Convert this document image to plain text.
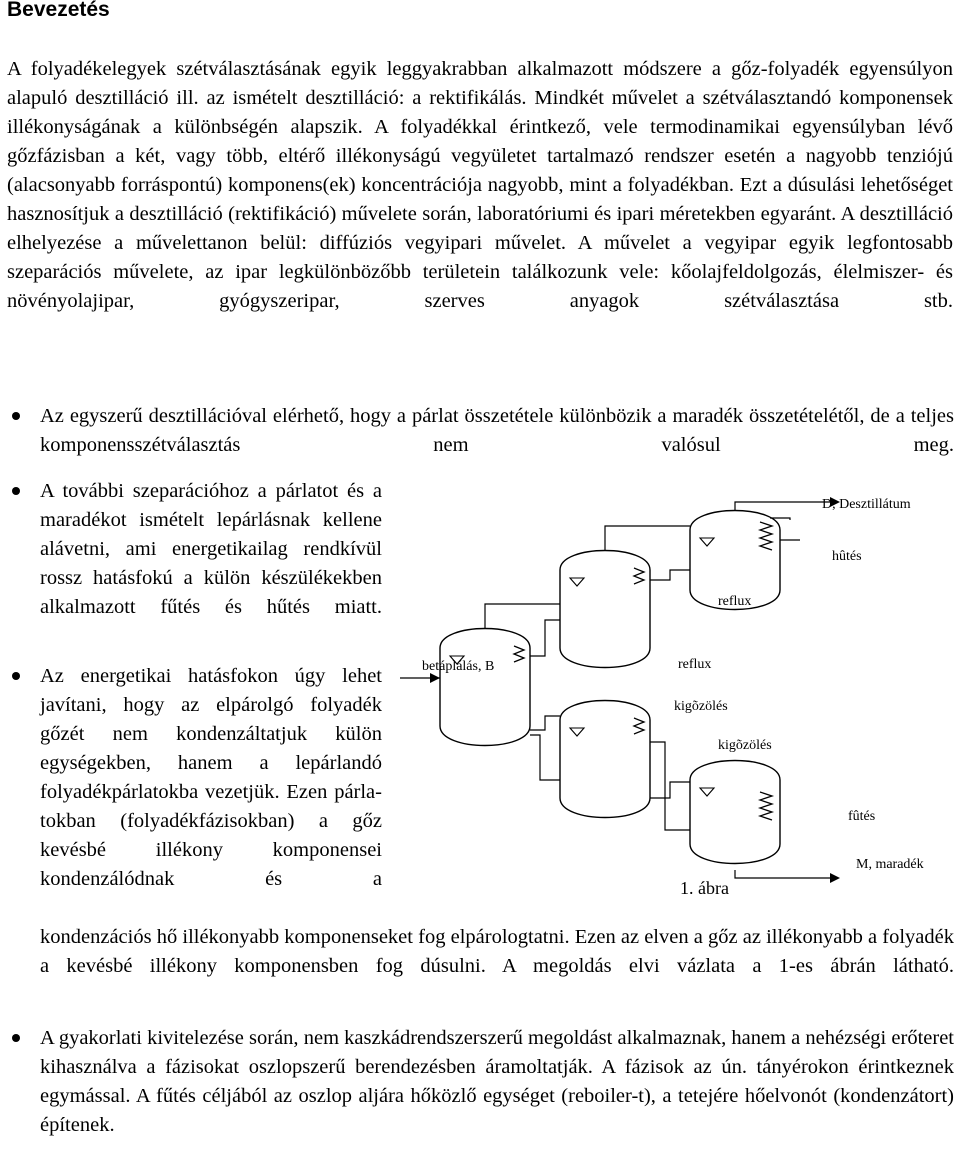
Bevezetés

A folyadékelegyek szétválasztásának egyik leggyakrabban alkalmazott módszere a gőz-folyadék egyensúlyon alapuló desztilláció ill. az ismételt desztilláció: a rektifikálás. Mindkét művelet a szétválasztandó komponensek illékonyságának a különbségén alapszik. A folyadékkal érintkező, vele termodinamikai egyensúlyban lévő gőzfázisban a két, vagy több, eltérő illékonyságú vegyületet tartalmazó rendszer esetén a nagyobb tenziójú (alacsonyabb forráspontú) komponens(ek) koncentrációja nagyobb, mint a folyadékban. Ezt a dúsulási lehetőséget hasznosítjuk a desztilláció (rektifikáció) művelete során, laboratóriumi és ipari méretekben egyaránt. A desztilláció elhelyezése a művelettanon belül: diffúziós vegyipari művelet. A művelet a vegyipar egyik legfontosabb szeparációs művelete, az ipar legkülönbözőbb területein találkozunk vele: kőolajfeldolgozás, élelmiszer- és növényolajipar, gyógyszeripar, szerves anyagok szétválasztása stb.

Az egyszerű desztillációval elérhető, hogy a párlat összetétele különbözik a maradék összetételétől, de a teljes komponensszétválasztás nem valósul meg.

A további szeparációhoz a párlatot és a maradékot ismételt lepárlásnak kellene alávetni, ami energetikailag rendkívül rossz hatásfokú a külön készülékekben alkalmazott fűtés és hűtés miatt.

Az energetikai hatásfokon úgy lehet javítani, hogy az elpárolgó folyadék gőzét nem kondenzáltatjuk külön egységekben, hanem a lepárlandó folyadékpárlatokba vezetjük. Ezen párlatokban (folyadékfázisokban) a gőz kevésbé illékony komponensei kondenzálódnak és a

kondenzációs hő illékonyabb komponenseket fog elpárologtatni. Ezen az elven a gőz az illékonyabb a folyadék a kevésbé illékony komponensben fog dúsulni. A megoldás elvi vázlata a 1-es ábrán látható.

A gyakorlati kivitelezése során, nem kaszkádrendszerszerű megoldást alkalmaznak, hanem a nehézségi erőteret kihasználva a fázisokat oszlopszerű berendezésben áramoltatják. A fázisok az ún. tányérokon érintkeznek egymással. A fűtés céljából az oszlop aljára hőközlő egységet (reboiler-t), a tetejére hőelvonót (kondenzátort) építenek.

D, Desztillátum
hûtés
reflux
betáplálás, B	reflux
kigõzölés
kigõzölés
fûtés
M, maradék
1. ábra
